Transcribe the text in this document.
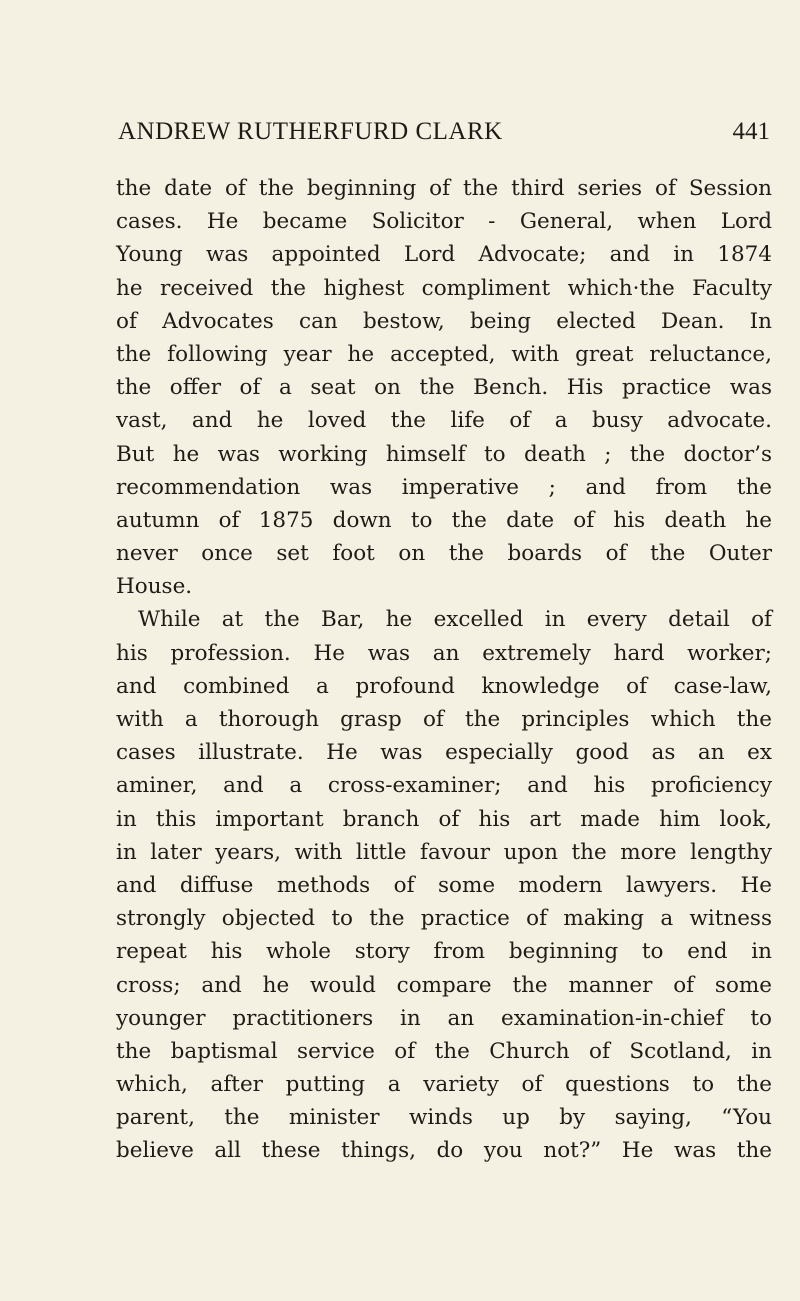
ANDREW RUTHERFURD CLARK	441
the date of the beginning of the third series of Session
cases. He became Solicitor - General, when Lord
Young was appointed Lord Advocate; and in 1874
he received the highest compliment which·the Faculty
of Advocates can bestow, being elected Dean. In
the following year he accepted, with great reluctance,
the offer of a seat on the Bench. His practice was
vast, and he loved the life of a busy advocate.
But he was working himself to death ; the doctor’s
recommendation was imperative ; and from the
autumn of 1875 down to the date of his death he
never once set foot on the boards of the Outer
House.
While at the Bar, he excelled in every detail of
his profession. He was an extremely hard worker;
and combined a profound knowledge of case-law,
with a thorough grasp of the principles which the
cases illustrate. He was especially good as an ex
aminer, and a cross-examiner; and his proficiency
in this important branch of his art made him look,
in later years, with little favour upon the more lengthy
and diffuse methods of some modern lawyers. He
strongly objected to the practice of making a witness
repeat his whole story from beginning to end in
cross; and he would compare the manner of some
younger practitioners in an examination-in-chief to
the baptismal service of the Church of Scotland, in
which, after putting a variety of questions to the
parent, the minister winds up by saying, “You
believe all these things, do you not?” He was the
